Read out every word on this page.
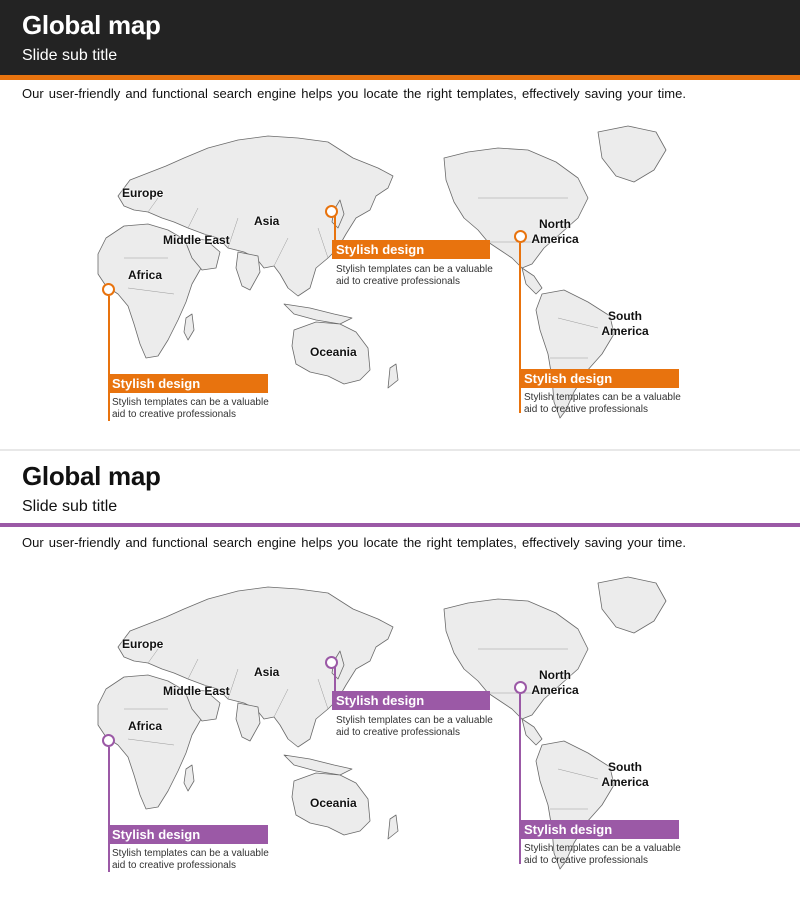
Global map
Slide sub title
Our user-friendly and functional search engine helps you locate the right templates, effectively saving your time.
Europe
Middle East
Asia
Africa
Oceania
North America
South America
Stylish design
Stylish templates can be a valuable
aid to creative professionals
Stylish design
Stylish templates can be a valuable
aid to creative professionals
Stylish design
Stylish templates can be a valuable
aid to creative professionals
Global map
Slide sub title
Our user-friendly and functional search engine helps you locate the right templates, effectively saving your time.
Europe
Middle East
Asia
Africa
Oceania
North America
South America
Stylish design
Stylish templates can be a valuable
aid to creative professionals
Stylish design
Stylish templates can be a valuable
aid to creative professionals
Stylish design
Stylish templates can be a valuable
aid to creative professionals
